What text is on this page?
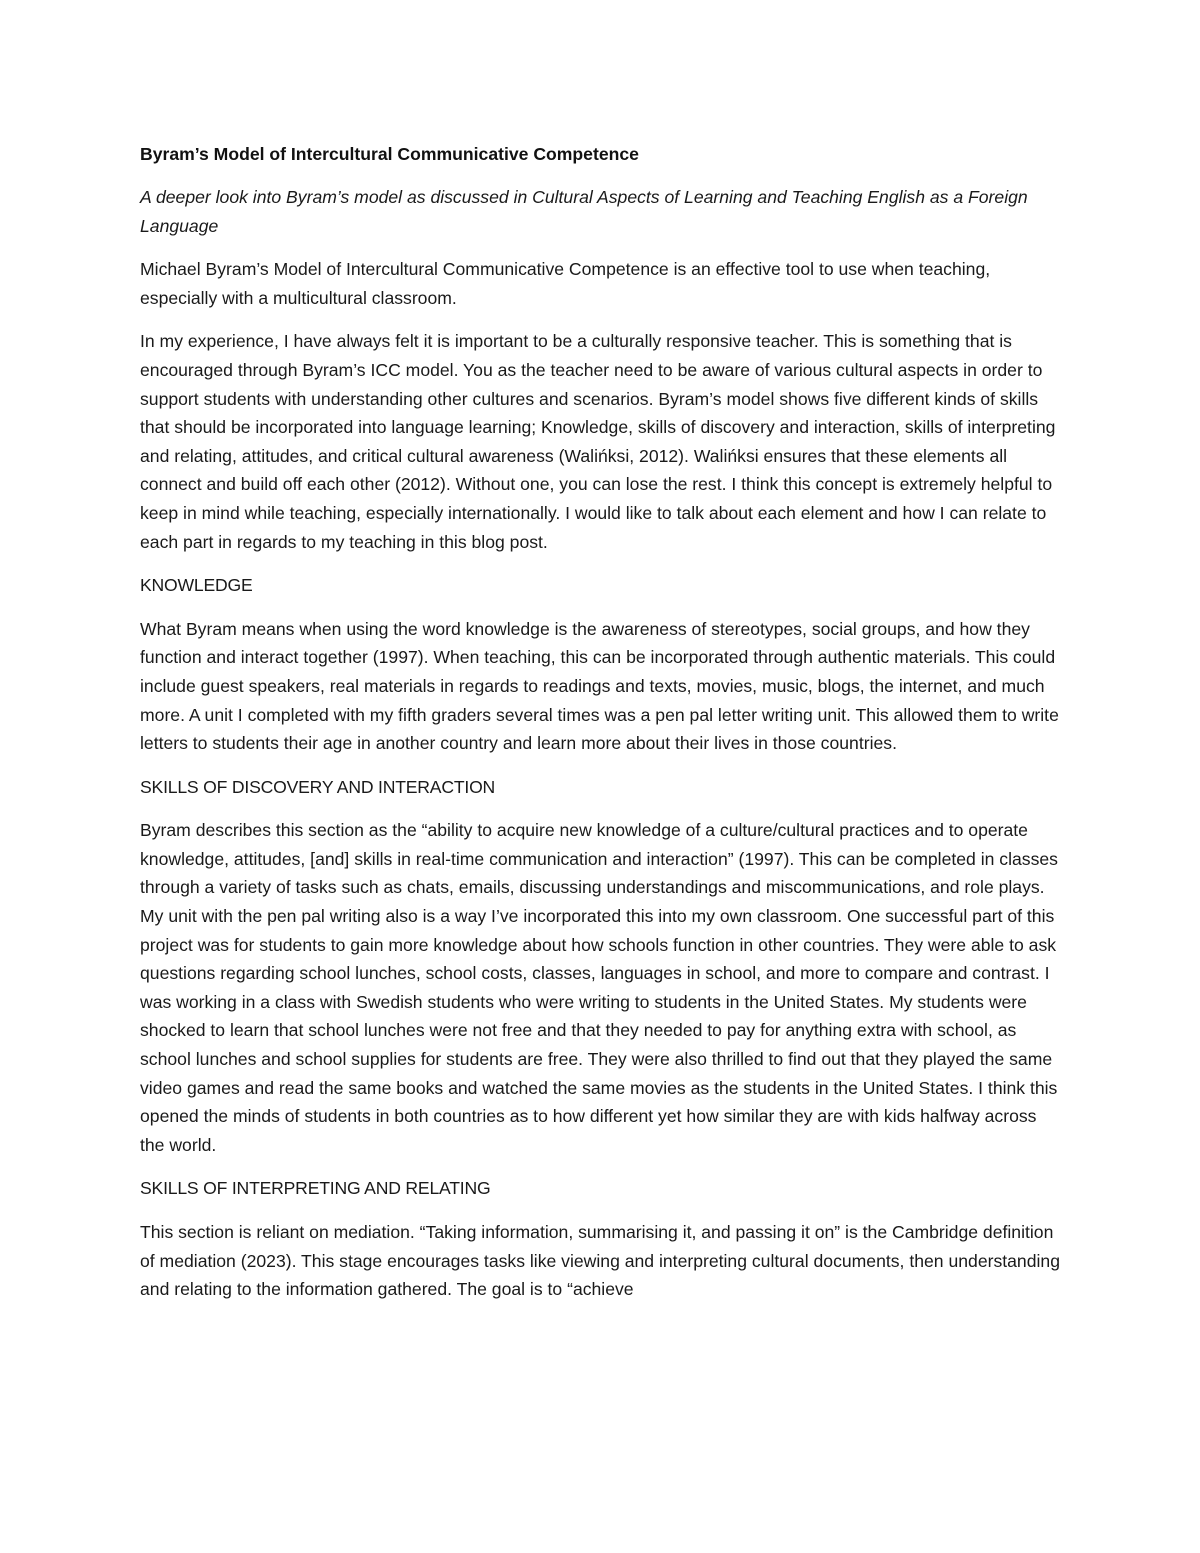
Byram’s Model of Intercultural Communicative Competence
A deeper look into Byram’s model as discussed in Cultural Aspects of Learning and Teaching English as a Foreign Language

Michael Byram’s Model of Intercultural Communicative Competence is an effective tool to use when teaching, especially with a multicultural classroom.

In my experience, I have always felt it is important to be a culturally responsive teacher. This is something that is encouraged through Byram’s ICC model. You as the teacher need to be aware of various cultural aspects in order to support students with understanding other cultures and scenarios. Byram’s model shows five different kinds of skills that should be incorporated into language learning; Knowledge, skills of discovery and interaction, skills of interpreting and relating, attitudes, and critical cultural awareness (Walińksi, 2012). Walińksi ensures that these elements all connect and build off each other (2012). Without one, you can lose the rest. I think this concept is extremely helpful to keep in mind while teaching, especially internationally. I would like to talk about each element and how I can relate to each part in regards to my teaching in this blog post.

KNOWLEDGE

What Byram means when using the word knowledge is the awareness of stereotypes, social groups, and how they function and interact together (1997). When teaching, this can be incorporated through authentic materials. This could include guest speakers, real materials in regards to readings and texts, movies, music, blogs, the internet, and much more. A unit I completed with my fifth graders several times was a pen pal letter writing unit. This allowed them to write letters to students their age in another country and learn more about their lives in those countries.

SKILLS OF DISCOVERY AND INTERACTION

Byram describes this section as the “ability to acquire new knowledge of a culture/cultural practices and to operate knowledge, attitudes, [and] skills in real-time communication and interaction” (1997). This can be completed in classes through a variety of tasks such as chats, emails, discussing understandings and miscommunications, and role plays. My unit with the pen pal writing also is a way I’ve incorporated this into my own classroom. One successful part of this project was for students to gain more knowledge about how schools function in other countries. They were able to ask questions regarding school lunches, school costs, classes, languages in school, and more to compare and contrast. I was working in a class with Swedish students who were writing to students in the United States. My students were shocked to learn that school lunches were not free and that they needed to pay for anything extra with school, as school lunches and school supplies for students are free. They were also thrilled to find out that they played the same video games and read the same books and watched the same movies as the students in the United States. I think this opened the minds of students in both countries as to how different yet how similar they are with kids halfway across the world.

SKILLS OF INTERPRETING AND RELATING

This section is reliant on mediation. “Taking information, summarising it, and passing it on” is the Cambridge definition of mediation (2023). This stage encourages tasks like viewing and interpreting cultural documents, then understanding and relating to the information gathered. The goal is to “achieve
